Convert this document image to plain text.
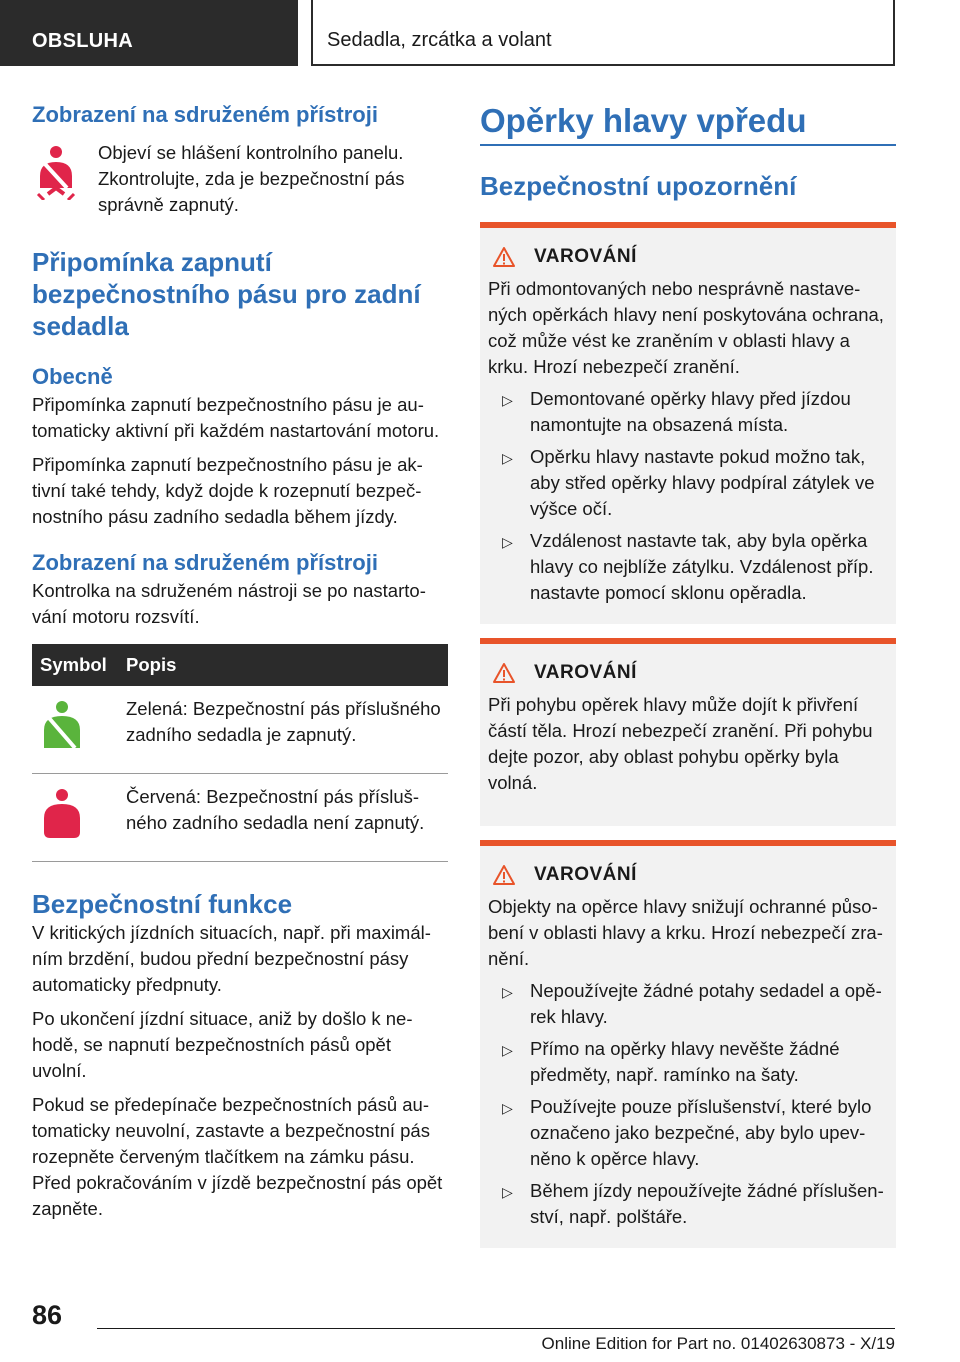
OBSLUHA	Sedadla, zrcátka a volant
Zobrazení na sdruženém přístroji

Objeví se hlášení kontrolního panelu. Zkontrolujte, zda je bezpečnostní pás správně zapnutý.

Připomínka zapnutí bezpečnostního pásu pro zadní sedadla
Obecně

Připomínka zapnutí bezpečnostního pásu je automaticky aktivní při každém nastartování motoru.

Připomínka zapnutí bezpečnostního pásu je aktivní také tehdy, když dojde k rozepnutí bezpečnostního pásu zadního sedadla během jízdy.

Zobrazení na sdruženém přístroji

Kontrolka na sdruženém nástroji se po nastartování motoru rozsvítí.

Symbol	Popis
	Zelená: Bezpečnostní pás příslušného zadního sedadla je zapnutý.
	Červená: Bezpečnostní pás příslušného zadního sedadla není zapnutý.
Bezpečnostní funkce

V kritických jízdních situacích, např. při maximálním brzdění, budou přední bezpečnostní pásy automaticky předpnuty.

Po ukončení jízdní situace, aniž by došlo k nehodě, se napnutí bezpečnostních pásů opět uvolní.

Pokud se předepínače bezpečnostních pásů automaticky neuvolní, zastavte a bezpečnostní pás rozepněte červeným tlačítkem na zámku pásu. Před pokračováním v jízdě bezpečnostní pás opět zapněte.

Opěrky hlavy vpředu
Bezpečnostní upozornění
VAROVÁNÍ

Při odmontovaných nebo nesprávně nastavených opěrkách hlavy není poskytována ochrana, což může vést ke zraněním v oblasti hlavy a krku. Hrozí nebezpečí zranění.

▷ Demontované opěrky hlavy před jízdou namontujte na obsazená místa.
▷ Opěrku hlavy nastavte pokud možno tak, aby střed opěrky hlavy podpíral zátylek ve výšce očí.
▷ Vzdálenost nastavte tak, aby byla opěrka hlavy co nejblíže zátylku. Vzdálenost příp. nastavte pomocí sklonu opěradla.
VAROVÁNÍ

Při pohybu opěrek hlavy může dojít k přivření částí těla. Hrozí nebezpečí zranění. Při pohybu dejte pozor, aby oblast pohybu opěrky byla volná.

VAROVÁNÍ

Objekty na opěrce hlavy snižují ochranné působení v oblasti hlavy a krku. Hrozí nebezpečí zranění.

▷ Nepoužívejte žádné potahy sedadel a opěrek hlavy.
▷ Přímo na opěrky hlavy nevěšte žádné předměty, např. ramínko na šaty.
▷ Používejte pouze příslušenství, které bylo označeno jako bezpečné, aby bylo upevněno k opěrce hlavy.
▷ Během jízdy nepoužívejte žádné příslušenství, např. polštáře.
86
Online Edition for Part no. 01402630873 - X/19
